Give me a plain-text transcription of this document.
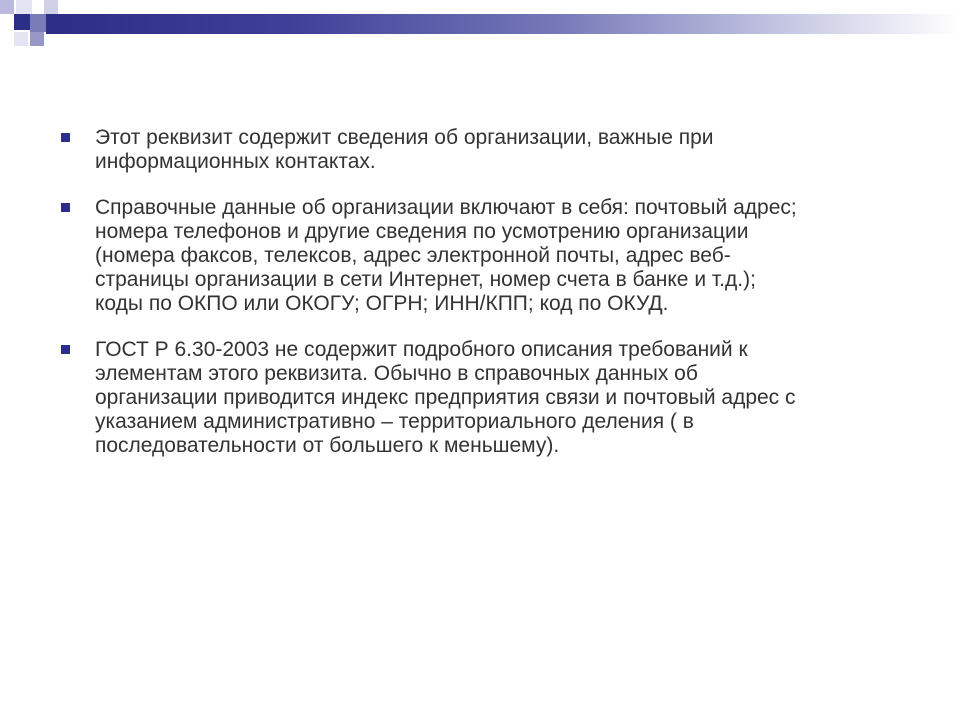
Этот реквизит содержит сведения об организации, важные при
информационных контактах.

Справочные данные об организации включают в себя: почтовый адрес;
номера телефонов и другие сведения по усмотрению организации
(номера факсов, телексов, адрес электронной почты, адрес веб-
страницы организации в сети Интернет, номер счета в банке и т.д.);
коды по ОКПО или ОКОГУ; ОГРН; ИНН/КПП; код по ОКУД.

ГОСТ Р 6.30-2003 не содержит подробного описания требований к
элементам этого реквизита. Обычно в справочных данных об
организации приводится индекс предприятия связи и почтовый адрес с
указанием административно – территориального деления ( в
последовательности от большего к меньшему).
